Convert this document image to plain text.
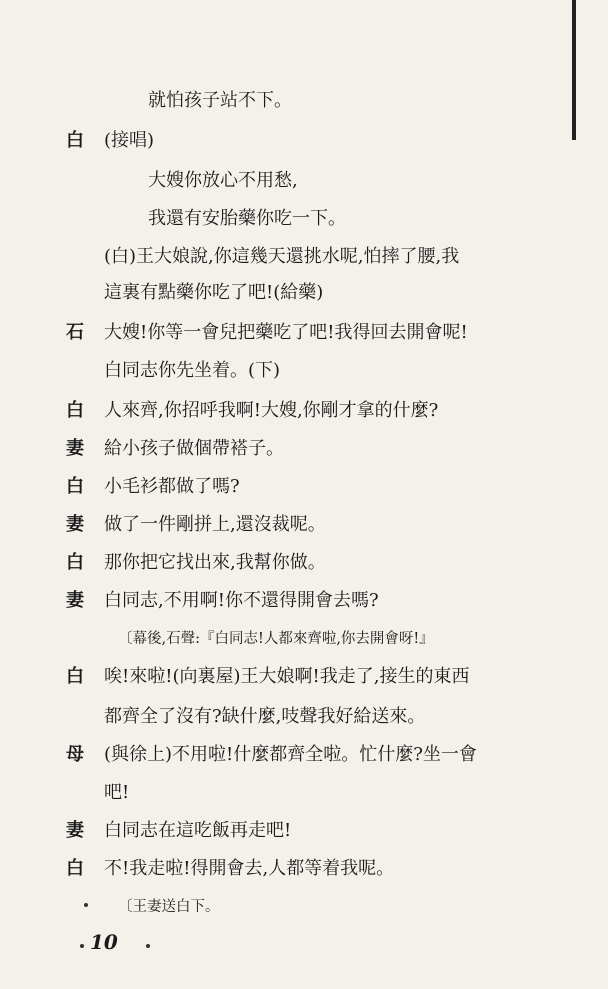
就怕孩子站不下。
白 (接唱)
大嫂你放心不用愁,
我還有安胎藥你吃一下。
(白)王大娘說,你這幾天還挑水呢,怕摔了腰,我
這裏有點藥你吃了吧!(給藥)
石 大嫂!你等一會兒把藥吃了吧!我得回去開會呢!
白同志你先坐着。(下)
白 人來齊,你招呼我啊!大嫂,你剛才拿的什麼?
妻 給小孩子做個帶褡子。
白 小毛衫都做了嗎?
妻 做了一件剛拼上,還沒裁呢。
白 那你把它找出來,我幫你做。
妻 白同志,不用啊!你不還得開會去嗎?
〔幕後,石聲:『白同志!人都來齊啦,你去開會呀!』
白 唉!來啦!(向裏屋)王大娘啊!我走了,接生的東西
都齊全了沒有?缺什麼,吱聲我好給送來。
母 (與徐上)不用啦!什麼都齊全啦。忙什麼?坐一會
吧!
妻 白同志在這吃飯再走吧!
白 不!我走啦!得開會去,人都等着我呢。
〔王妻送白下。
10
